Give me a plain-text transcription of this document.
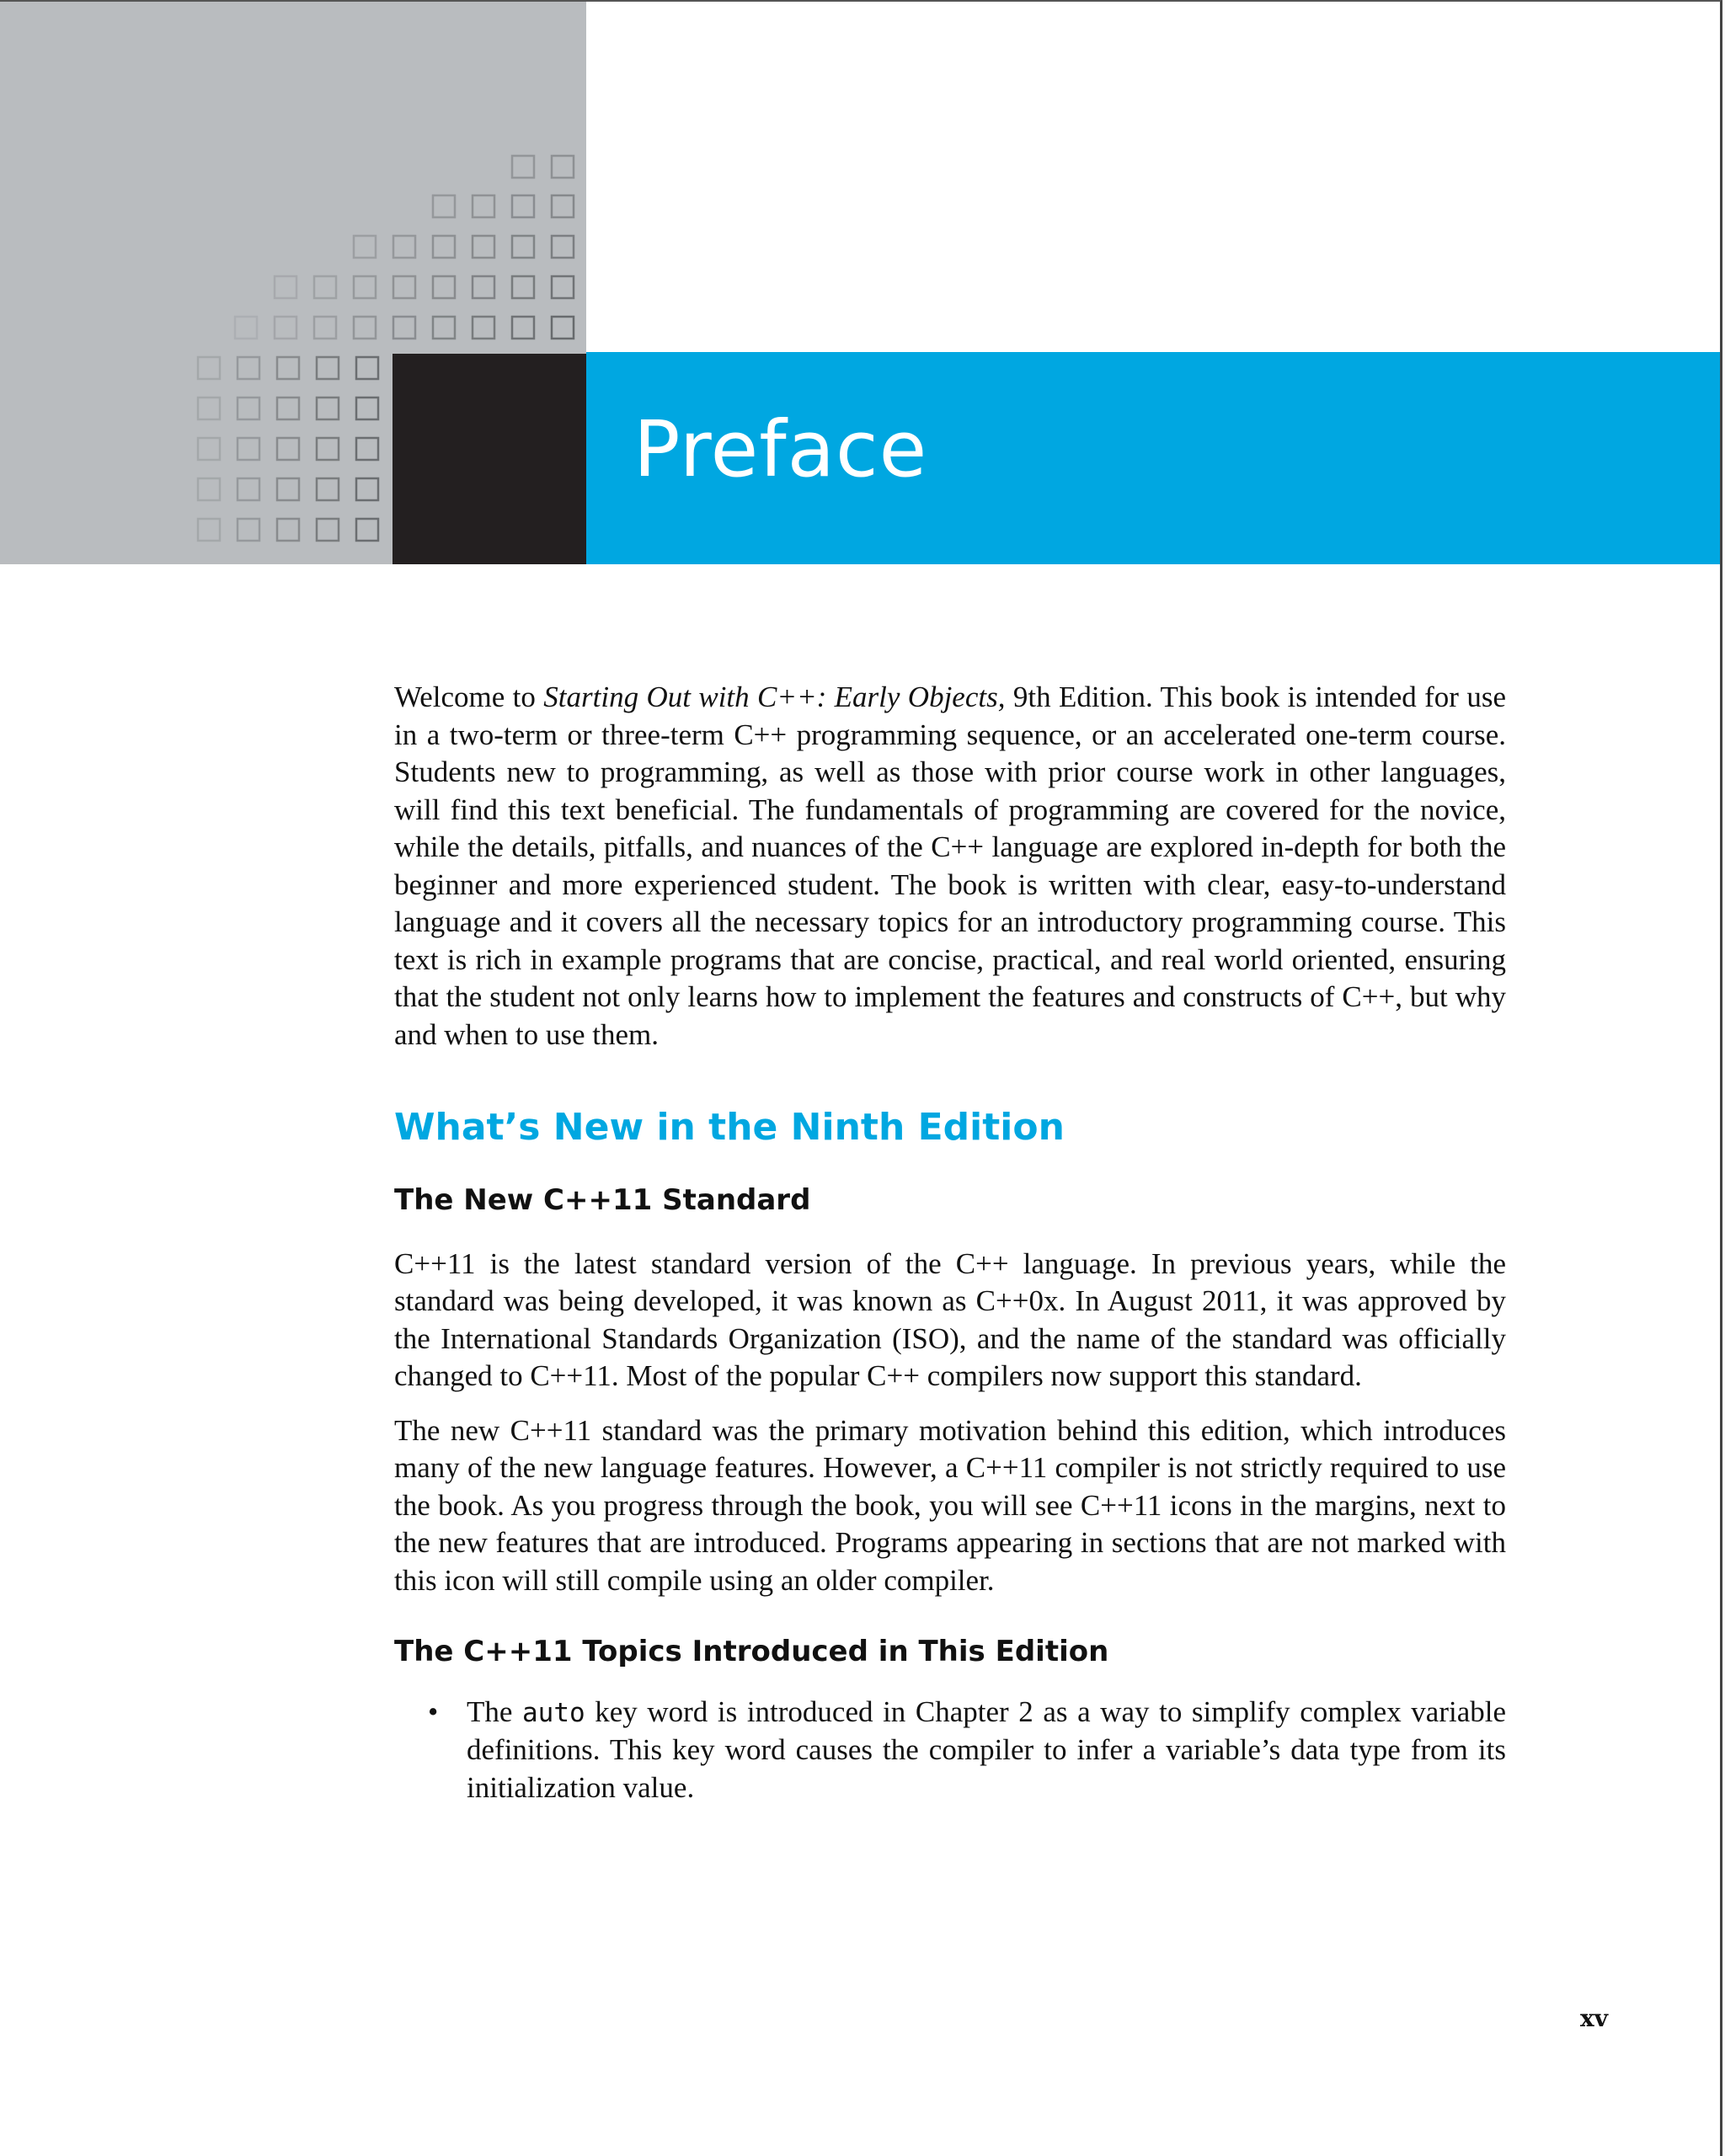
Preface

Welcome to Starting Out with C++: Early Objects, 9th Edition. This book is intended for use in a two-term or three-term C++ programming sequence, or an accelerated one-term course. Students new to programming, as well as those with prior course work in other languages, will find this text beneficial. The fundamentals of programming are covered for the novice, while the details, pitfalls, and nuances of the C++ language are explored in-depth for both the beginner and more experienced student. The book is written with clear, easy-to-understand language and it covers all the necessary topics for an introductory programming course. This text is rich in example programs that are concise, practical, and real world oriented, ensuring that the student not only learns how to implement the features and constructs of C++, but why and when to use them.

What’s New in the Ninth Edition
The New C++11 Standard

C++11 is the latest standard version of the C++ language. In previous years, while the standard was being developed, it was known as C++0x. In August 2011, it was approved by the International Standards Organization (ISO), and the name of the standard was officially changed to C++11. Most of the popular C++ compilers now support this standard.

The new C++11 standard was the primary motivation behind this edition, which introduces many of the new language features. However, a C++11 compiler is not strictly required to use the book. As you progress through the book, you will see C++11 icons in the margins, next to the new features that are introduced. Programs appearing in sections that are not marked with this icon will still compile using an older compiler.

The C++11 Topics Introduced in This Edition
• The auto key word is introduced in Chapter 2 as a way to simplify complex variable definitions. This key word causes the compiler to infer a variable’s data type from its initialization value.
xv
